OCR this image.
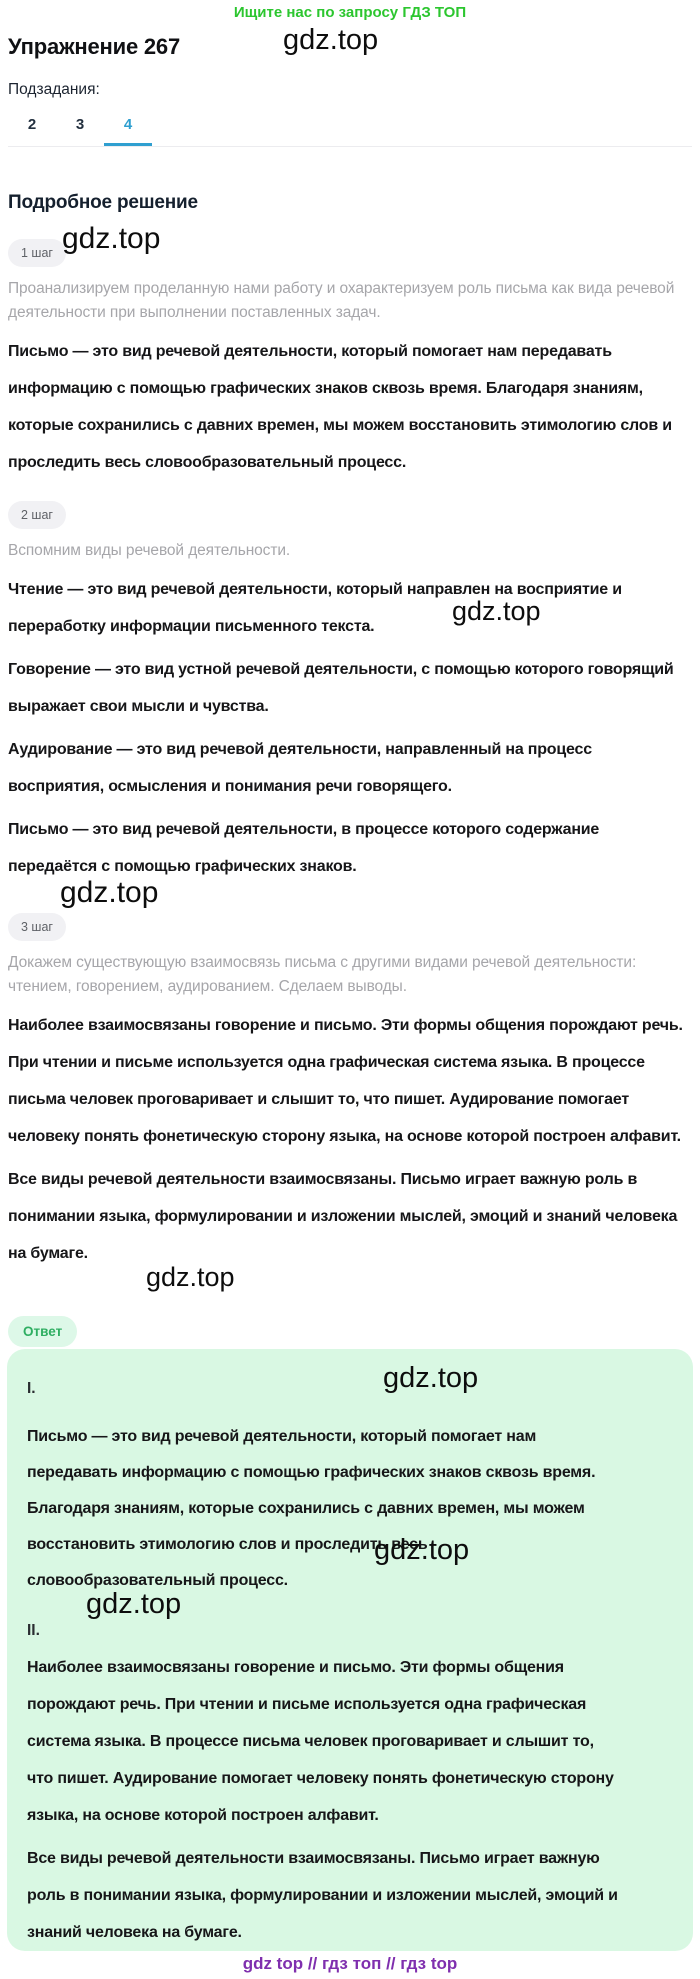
Ищите нас по запросу ГДЗ ТОП
Упражнение 267
Подзадания:
2	3	4
Подробное решение
1 шаг

Проанализируем проделанную нами работу и охарактеризуем роль письма как вида речевой деятельности при выполнении поставленных задач.

Письмо — это вид речевой деятельности, который помогает нам передавать информацию с помощью графических знаков сквозь время. Благодаря знаниям, которые сохранились с давних времен, мы можем восстановить этимологию слов и проследить весь словообразовательный процесс.

2 шаг

Вспомним виды речевой деятельности.

Чтение — это вид речевой деятельности, который направлен на восприятие и переработку информации письменного текста.

Говорение — это вид устной речевой деятельности, с помощью которого говорящий выражает свои мысли и чувства.

Аудирование — это вид речевой деятельности, направленный на процесс восприятия, осмысления и понимания речи говорящего.

Письмо — это вид речевой деятельности, в процессе которого содержание передаётся с помощью графических знаков.

3 шаг

Докажем существующую взаимосвязь письма с другими видами речевой деятельности: чтением, говорением, аудированием. Сделаем выводы.

Наиболее взаимосвязаны говорение и письмо. Эти формы общения порождают речь. При чтении и письме используется одна графическая система языка. В процессе письма человек проговаривает и слышит то, что пишет. Аудирование помогает человеку понять фонетическую сторону языка, на основе которой построен алфавит.

Все виды речевой деятельности взаимосвязаны. Письмо играет важную роль в понимании языка, формулировании и изложении мыслей, эмоций и знаний человека на бумаге.

Ответ
I.

Письмо — это вид речевой деятельности, который помогает нам передавать информацию с помощью графических знаков сквозь время. Благодаря знаниям, которые сохранились с давних времен, мы можем восстановить этимологию слов и проследить весь словообразовательный процесс.

II.

Наиболее взаимосвязаны говорение и письмо. Эти формы общения порождают речь. При чтении и письме используется одна графическая система языка. В процессе письма человек проговаривает и слышит то, что пишет. Аудирование помогает человеку понять фонетическую сторону языка, на основе которой построен алфавит.

Все виды речевой деятельности взаимосвязаны. Письмо играет важную роль в понимании языка, формулировании и изложении мыслей, эмоций и знаний человека на бумаге.

gdz top // гдз топ // гдз top
gdz.top
gdz.top
gdz.top
gdz.top
gdz.top
gdz.top
gdz.top
gdz.top
